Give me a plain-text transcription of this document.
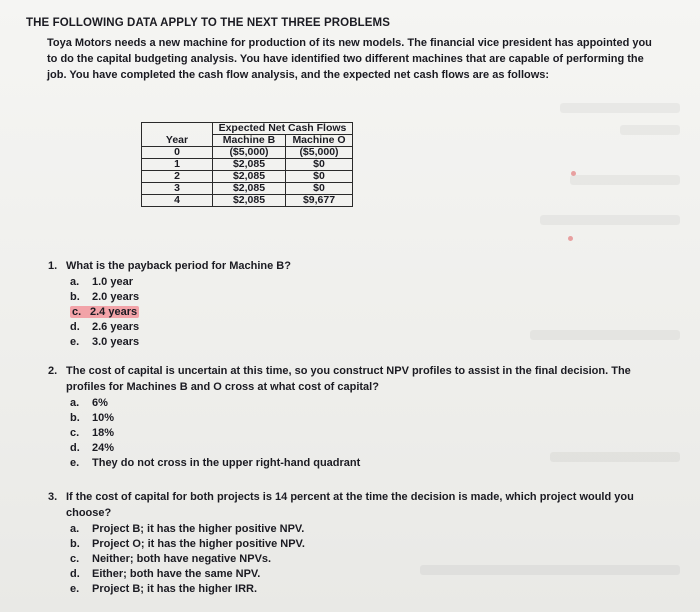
THE FOLLOWING DATA APPLY TO THE NEXT THREE PROBLEMS
Toya Motors needs a new machine for production of its new models. The financial vice president has appointed you to do the capital budgeting analysis. You have identified two different machines that are capable of performing the job. You have completed the cash flow analysis, and the expected net cash flows are as follows:
	Expected Net Cash Flows	
Year	Machine B	Machine O
0	($5,000)	($5,000)
1	$2,085	$0
2	$2,085	$0
3	$2,085	$0
4	$2,085	$9,677
1. What is the payback period for Machine B?
a. 1.0 year
b. 2.0 years
c. 2.4 years
d. 2.6 years
e. 3.0 years
2. The cost of capital is uncertain at this time, so you construct NPV profiles to assist in the final decision. The
profiles for Machines B and O cross at what cost of capital?
a. 6%
b. 10%
c. 18%
d. 24%
e. They do not cross in the upper right-hand quadrant
3. If the cost of capital for both projects is 14 percent at the time the decision is made, which project would you
choose?
a. Project B; it has the higher positive NPV.
b. Project O; it has the higher positive NPV.
c. Neither; both have negative NPVs.
d. Either; both have the same NPV.
e. Project B; it has the higher IRR.
